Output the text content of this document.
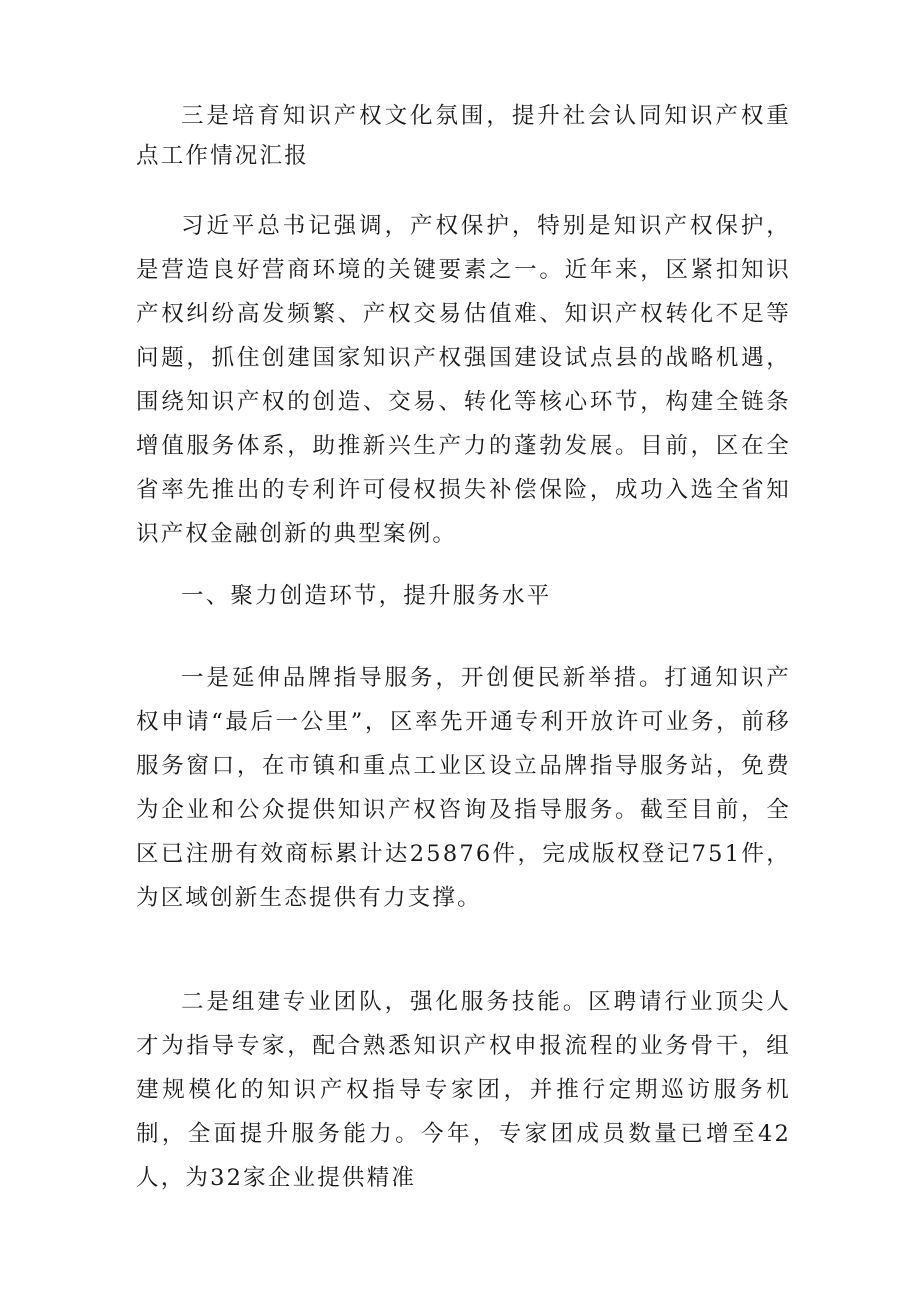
三是培育知识产权文化氛围，提升社会认同知识产权重点工作情况汇报

习近平总书记强调，产权保护，特别是知识产权保护，是营造良好营商环境的关键要素之一。近年来，区紧扣知识产权纠纷高发频繁、产权交易估值难、知识产权转化不足等问题，抓住创建国家知识产权强国建设试点县的战略机遇，围绕知识产权的创造、交易、转化等核心环节，构建全链条增值服务体系，助推新兴生产力的蓬勃发展。目前，区在全省率先推出的专利许可侵权损失补偿保险，成功入选全省知识产权金融创新的典型案例。

一、聚力创造环节，提升服务水平

一是延伸品牌指导服务，开创便民新举措。打通知识产权申请“最后一公里”，区率先开通专利开放许可业务，前移服务窗口，在市镇和重点工业区设立品牌指导服务站，免费为企业和公众提供知识产权咨询及指导服务。截至目前，全区已注册有效商标累计达25876件，完成版权登记751件，为区域创新生态提供有力支撑。

二是组建专业团队，强化服务技能。区聘请行业顶尖人才为指导专家，配合熟悉知识产权申报流程的业务骨干，组建规模化的知识产权指导专家团，并推行定期巡访服务机制，全面提升服务能力。今年，专家团成员数量已增至42人，为32家企业提供精准
